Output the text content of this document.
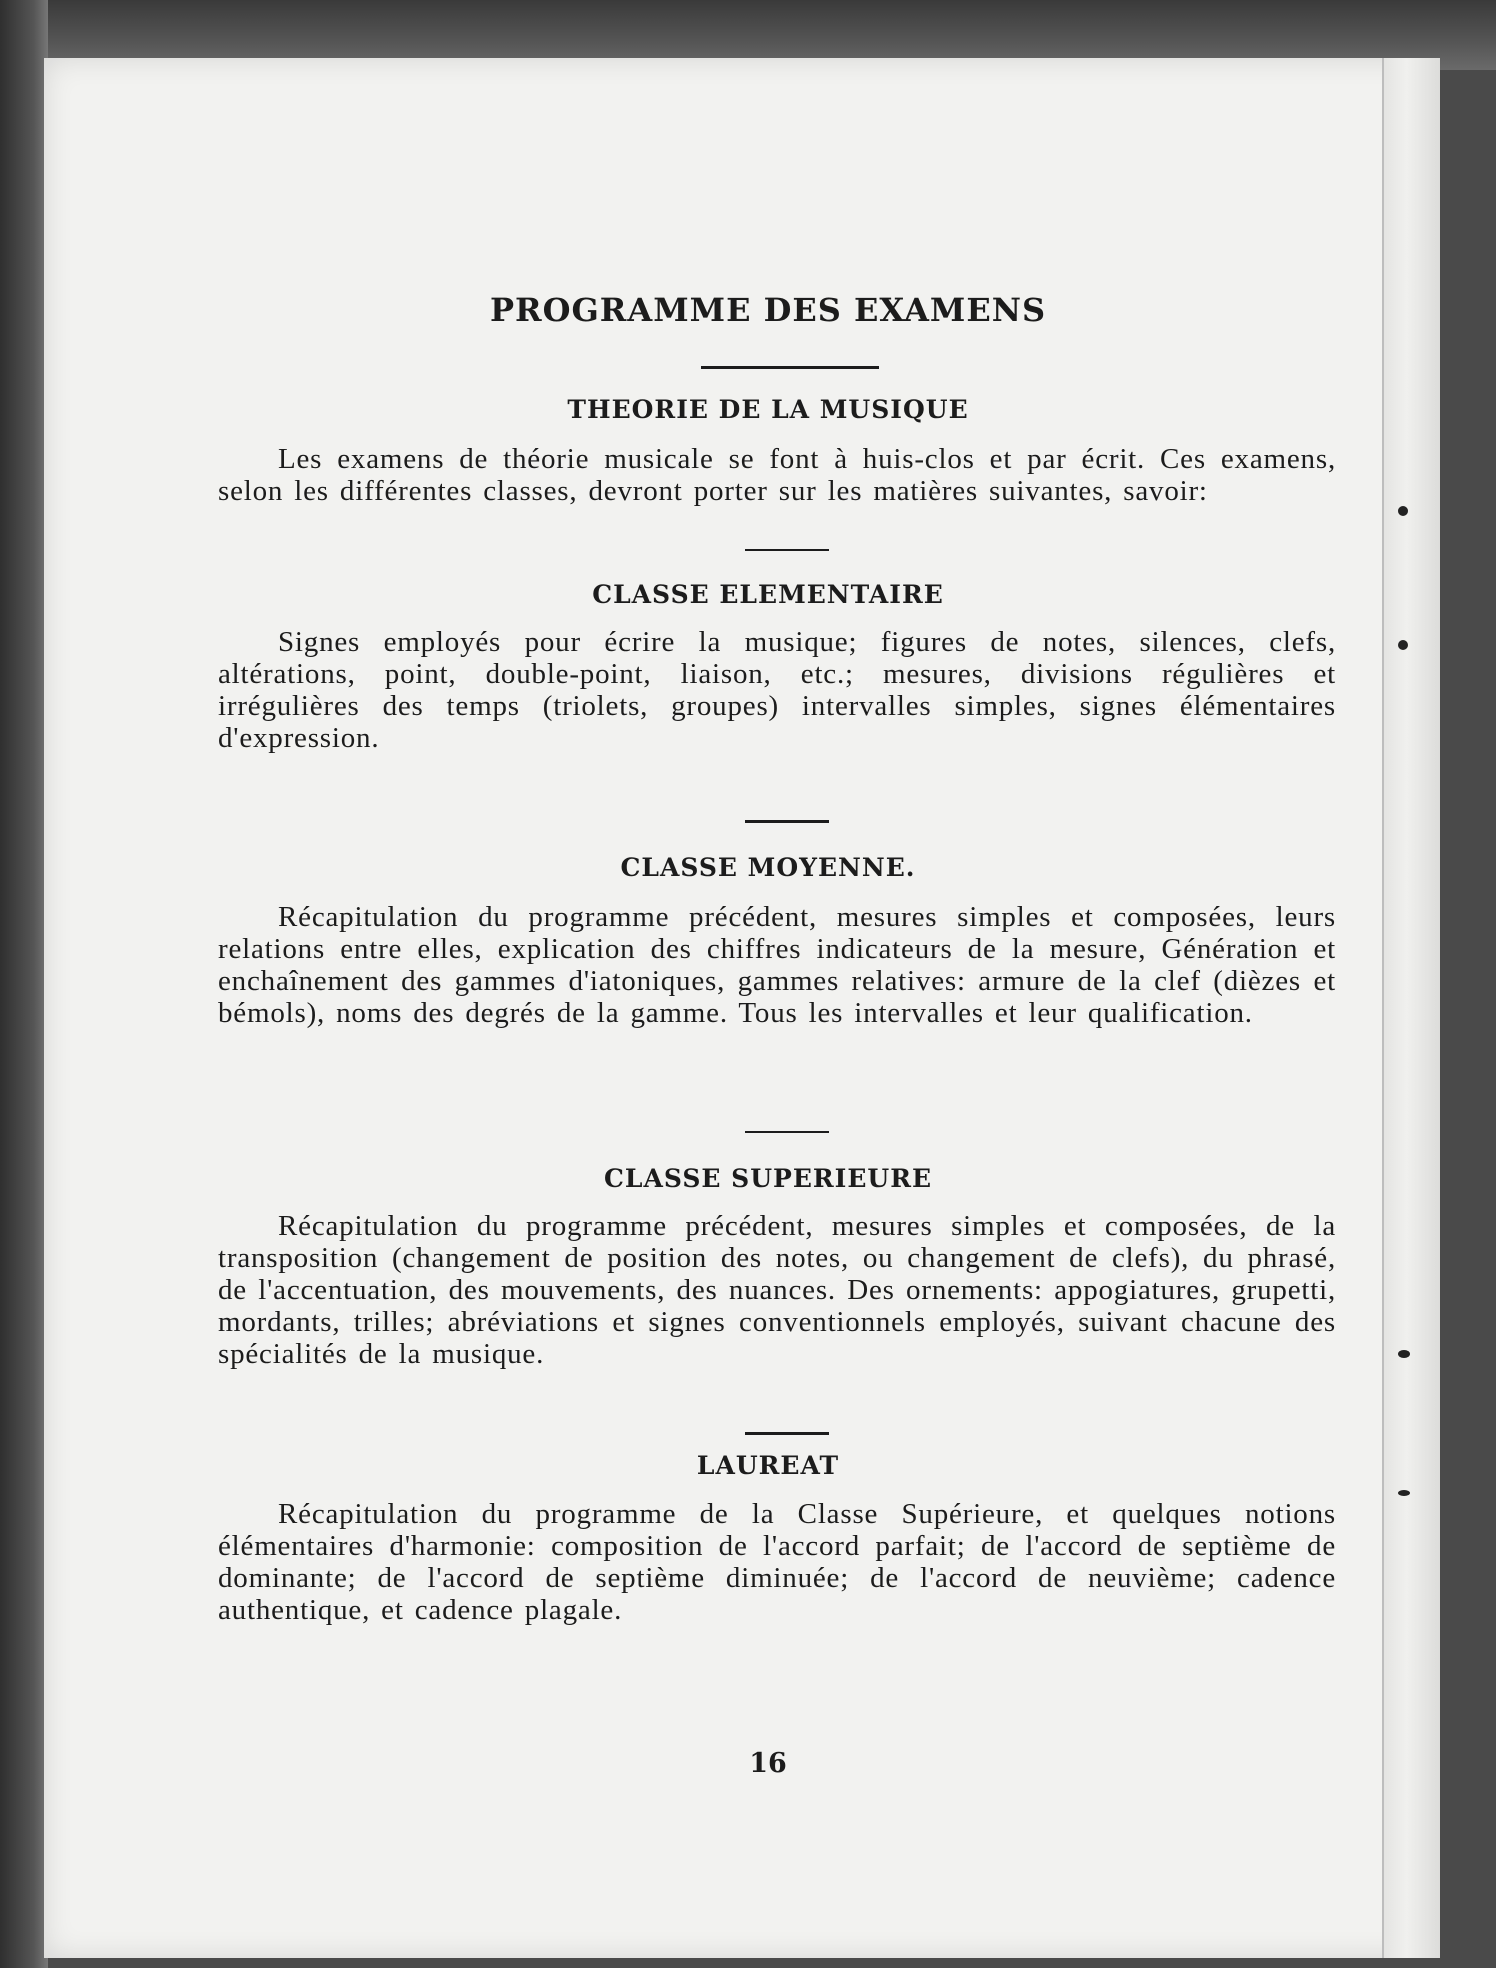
PROGRAMME DES EXAMENS
THEORIE DE LA MUSIQUE

Les examens de théorie musicale se font à huis-clos et par écrit. Ces examens, selon les différentes classes, devront porter sur les matières suivantes, savoir:

CLASSE ELEMENTAIRE

Signes employés pour écrire la musique; figures de notes, silences, clefs, altérations, point, double-point, liaison, etc.; mesures, divisions régulières et irrégulières des temps (triolets, groupes) intervalles simples, signes élémentaires d'expression.

CLASSE MOYENNE.

Récapitulation du programme précédent, mesures simples et composées, leurs relations entre elles, explication des chiffres indicateurs de la mesure, Génération et enchaînement des gammes d'iatoniques, gammes relatives: armure de la clef (dièzes et bémols), noms des degrés de la gamme. Tous les intervalles et leur qualification.

CLASSE SUPERIEURE

Récapitulation du programme précédent, mesures simples et composées, de la transposition (changement de position des notes, ou changement de clefs), du phrasé, de l'accentuation, des mouvements, des nuances. Des ornements: appogiatures, grupetti, mordants, trilles; abréviations et signes conventionnels employés, suivant chacune des spécialités de la musique.

LAUREAT

Récapitulation du programme de la Classe Supérieure, et quelques notions élémentaires d'harmonie: composition de l'accord parfait; de l'accord de septième de dominante; de l'accord de septième diminuée; de l'accord de neuvième; cadence authentique, et cadence plagale.

16
